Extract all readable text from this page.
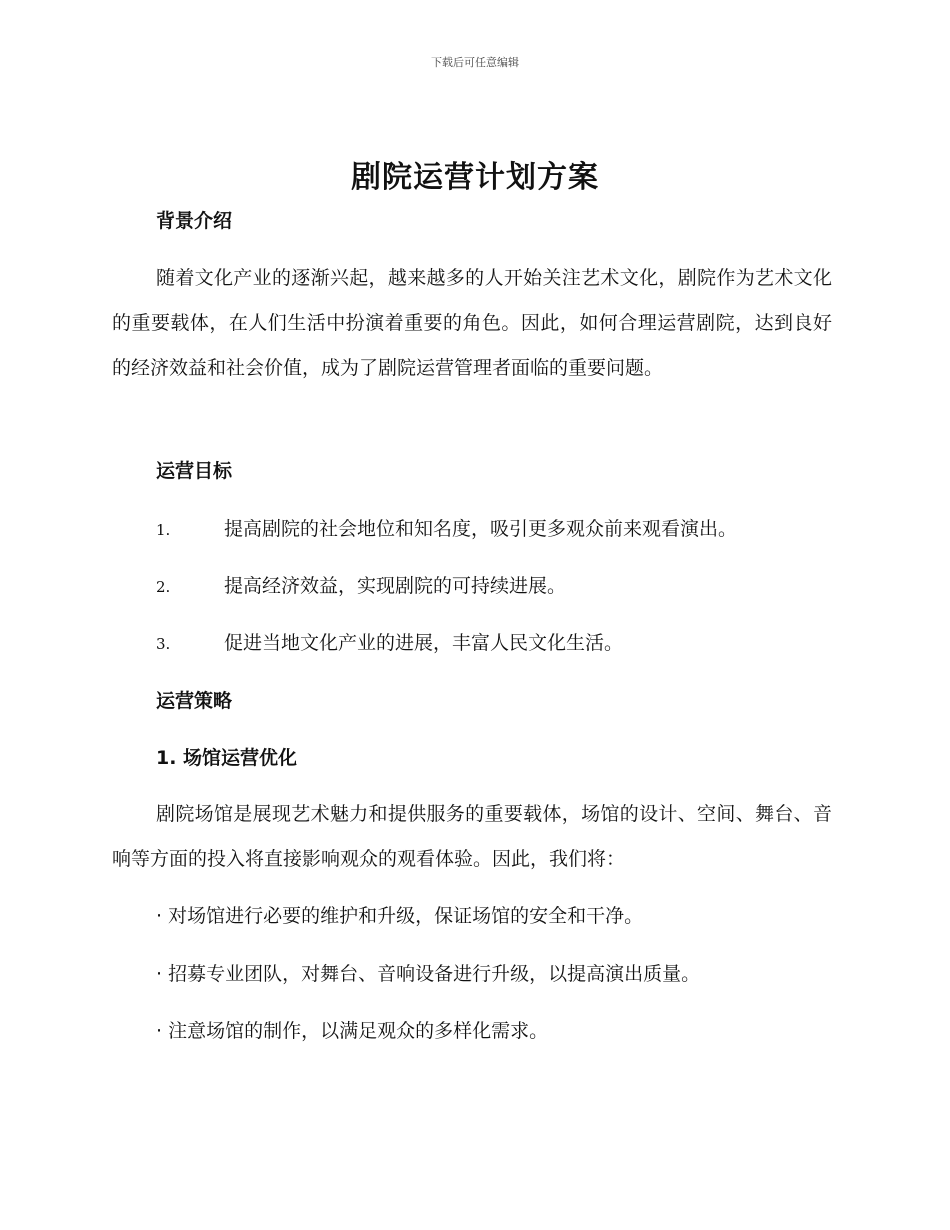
下载后可任意编辑
剧院运营计划方案
背景介绍

随着文化产业的逐渐兴起，越来越多的人开始关注艺术文化，剧院作为艺术文化的重要载体，在人们生活中扮演着重要的角色。因此，如何合理运营剧院，达到良好的经济效益和社会价值，成为了剧院运营管理者面临的重要问题。

运营目标
1.	提高剧院的社会地位和知名度，吸引更多观众前来观看演出。
2.	提高经济效益，实现剧院的可持续进展。
3.	促进当地文化产业的进展，丰富人民文化生活。
运营策略
1. 场馆运营优化

剧院场馆是展现艺术魅力和提供服务的重要载体，场馆的设计、空间、舞台、音响等方面的投入将直接影响观众的观看体验。因此，我们将：

· 对场馆进行必要的维护和升级，保证场馆的安全和干净。
· 招募专业团队，对舞台、音响设备进行升级，以提高演出质量。
· 注意场馆的制作，以满足观众的多样化需求。
